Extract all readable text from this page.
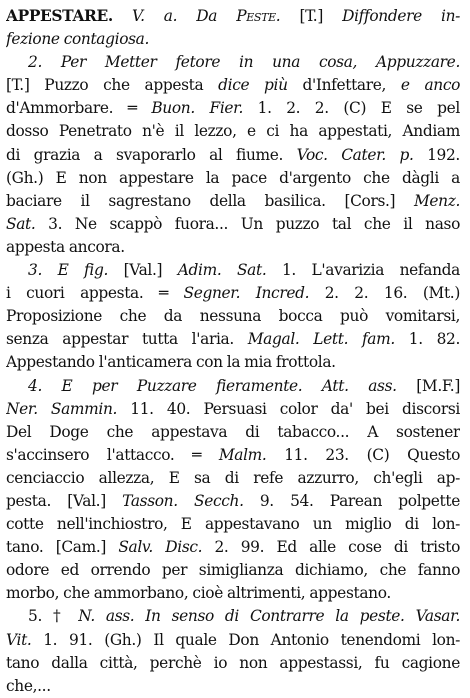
APPESTARE. V. a. Da Peste. [T.] Diffondere in-
fezione contagiosa.
2. Per Metter fetore in una cosa, Appuzzare.
[T.] Puzzo che appesta dice più d'Infettare, e anco
d'Ammorbare. ═ Buon. Fier. 1. 2. 2. (C) E se pel
dosso Penetrato n'è il lezzo, e ci ha appestati, Andiam
di grazia a svaporarlo al fiume. Voc. Cater. p. 192.
(Gh.) E non appestare la pace d'argento che dàgli a
baciare il sagrestano della basilica. [Cors.] Menz.
Sat. 3. Ne scappò fuora... Un puzzo tal che il naso
appesta ancora.
3. E fig. [Val.] Adim. Sat. 1. L'avarizia nefanda
i cuori appesta. ═ Segner. Incred. 2. 2. 16. (Mt.)
Proposizione che da nessuna bocca può vomitarsi,
senza appestar tutta l'aria. Magal. Lett. fam. 1. 82.
Appestando l'anticamera con la mia frottola.
4. E per Puzzare fieramente. Att. ass. [M.F.]
Ner. Sammin. 11. 40. Persuasi color da' bei discorsi
Del Doge che appestava di tabacco... A sostener
s'accinsero l'attacco. ═ Malm. 11. 23. (C) Questo
cenciaccio allezza, E sa di refe azzurro, ch'egli ap-
pesta. [Val.] Tasson. Secch. 9. 54. Parean polpette
cotte nell'inchiostro, E appestavano un miglio di lon-
tano. [Cam.] Salv. Disc. 2. 99. Ed alle cose di tristo
odore ed orrendo per simiglianza dichiamo, che fanno
morbo, che ammorbano, cioè altrimenti, appestano.
5. † N. ass. In senso di Contrarre la peste. Vasar.
Vit. 1. 91. (Gh.) Il quale Don Antonio tenendomi lon-
tano dalla città, perchè io non appestassi, fu cagione
che,...
